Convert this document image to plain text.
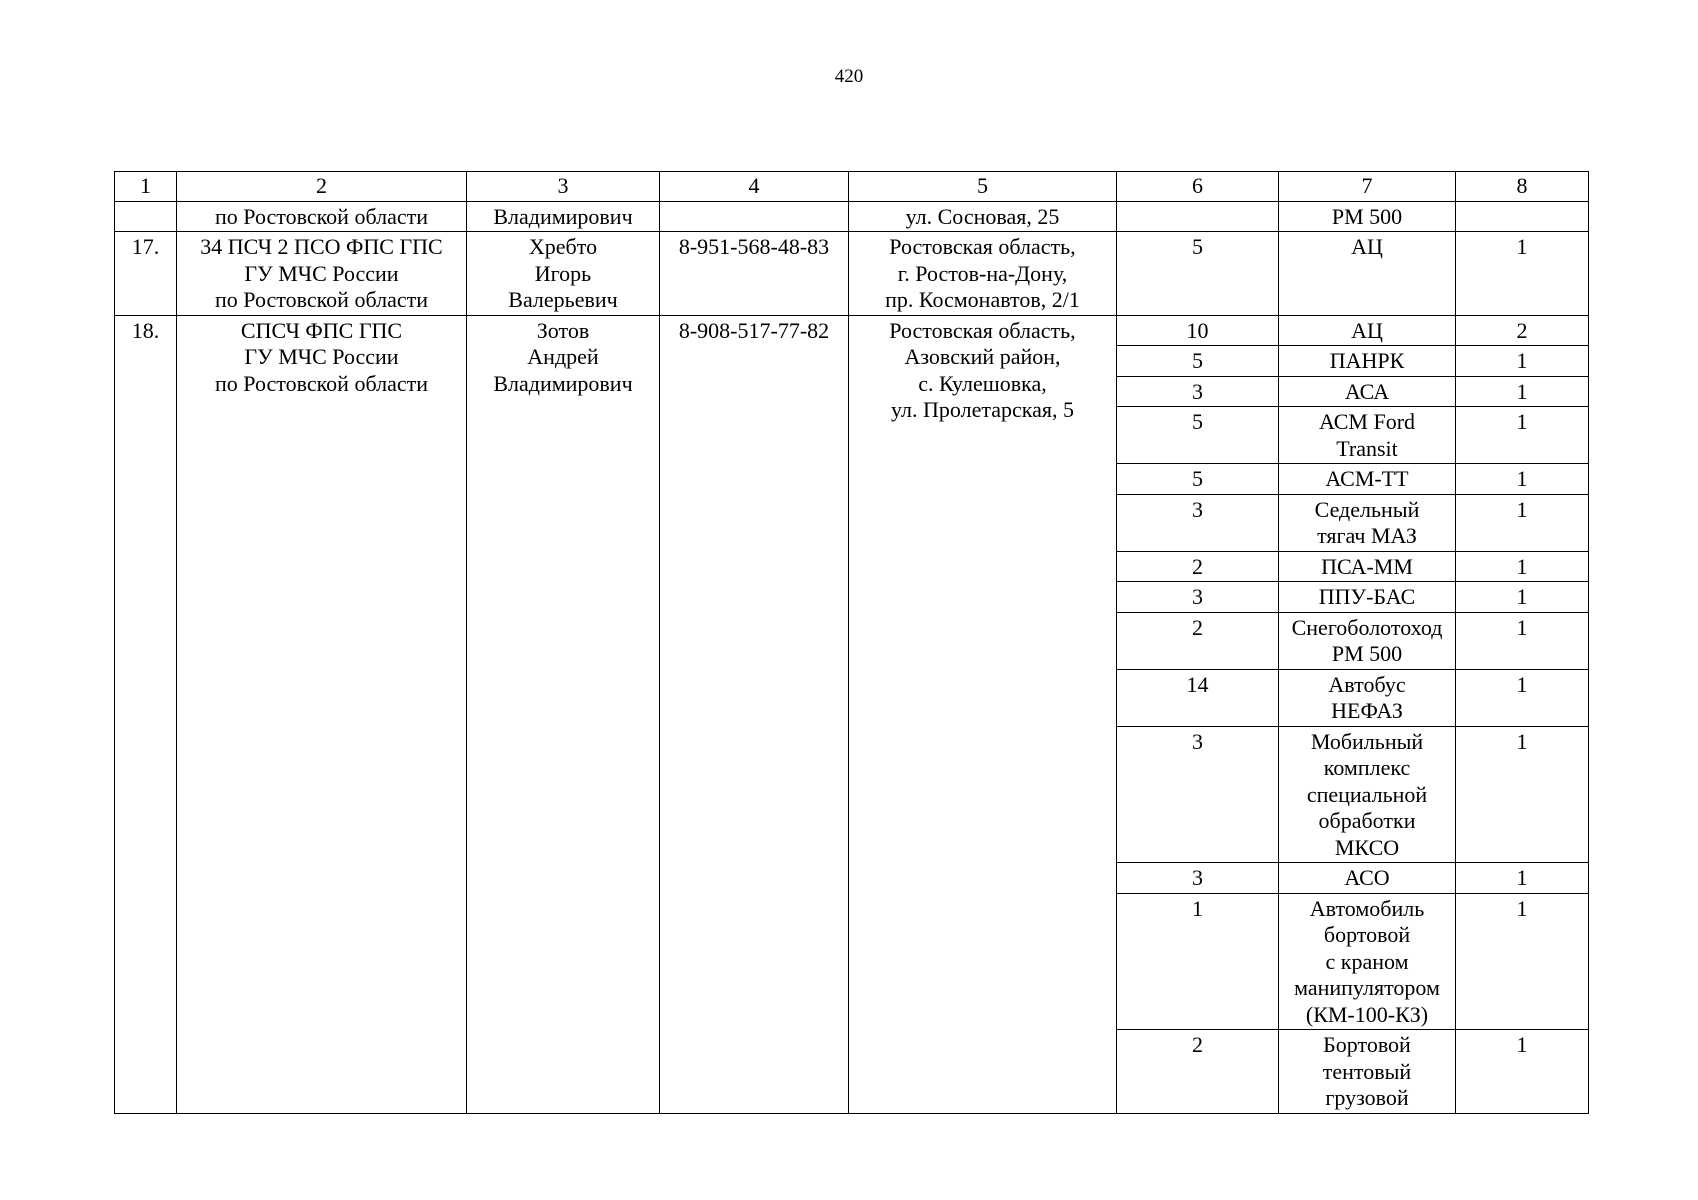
420
1	2	3	4	5	6	7	8
	по Ростовской области	Владимирович		ул. Сосновая, 25		PM 500	
17.	34 ПСЧ 2 ПСО ФПС ГПС
ГУ МЧС России
по Ростовской области	Хребто
Игорь
Валерьевич	8-951-568-48-83	Ростовская область,
г. Ростов-на-Дону,
пр. Космонавтов, 2/1	5	АЦ	1
18.	СПСЧ ФПС ГПС
ГУ МЧС России
по Ростовской области	Зотов
Андрей
Владимирович	8-908-517-77-82	Ростовская область,
Азовский район,
с. Кулешовка,
ул. Пролетарская, 5	10	АЦ	2
					5	ПАНРК	1
					3	АСА	1
					5	АСМ Ford
Transit	1
					5	АСМ-ТТ	1
					3	Седельный
тягач МАЗ	1
					2	ПСА-ММ	1
					3	ППУ-БАС	1
					2	Снегоболотоход
PM 500	1
					14	Автобус
НЕФАЗ	1
					3	Мобильный
комплекс
специальной
обработки
МКСО	1
					3	АСО	1
					1	Автомобиль
бортовой
с краном
манипулятором
(КМ-100-КЗ)	1
					2	Бортовой
тентовый
грузовой	1
